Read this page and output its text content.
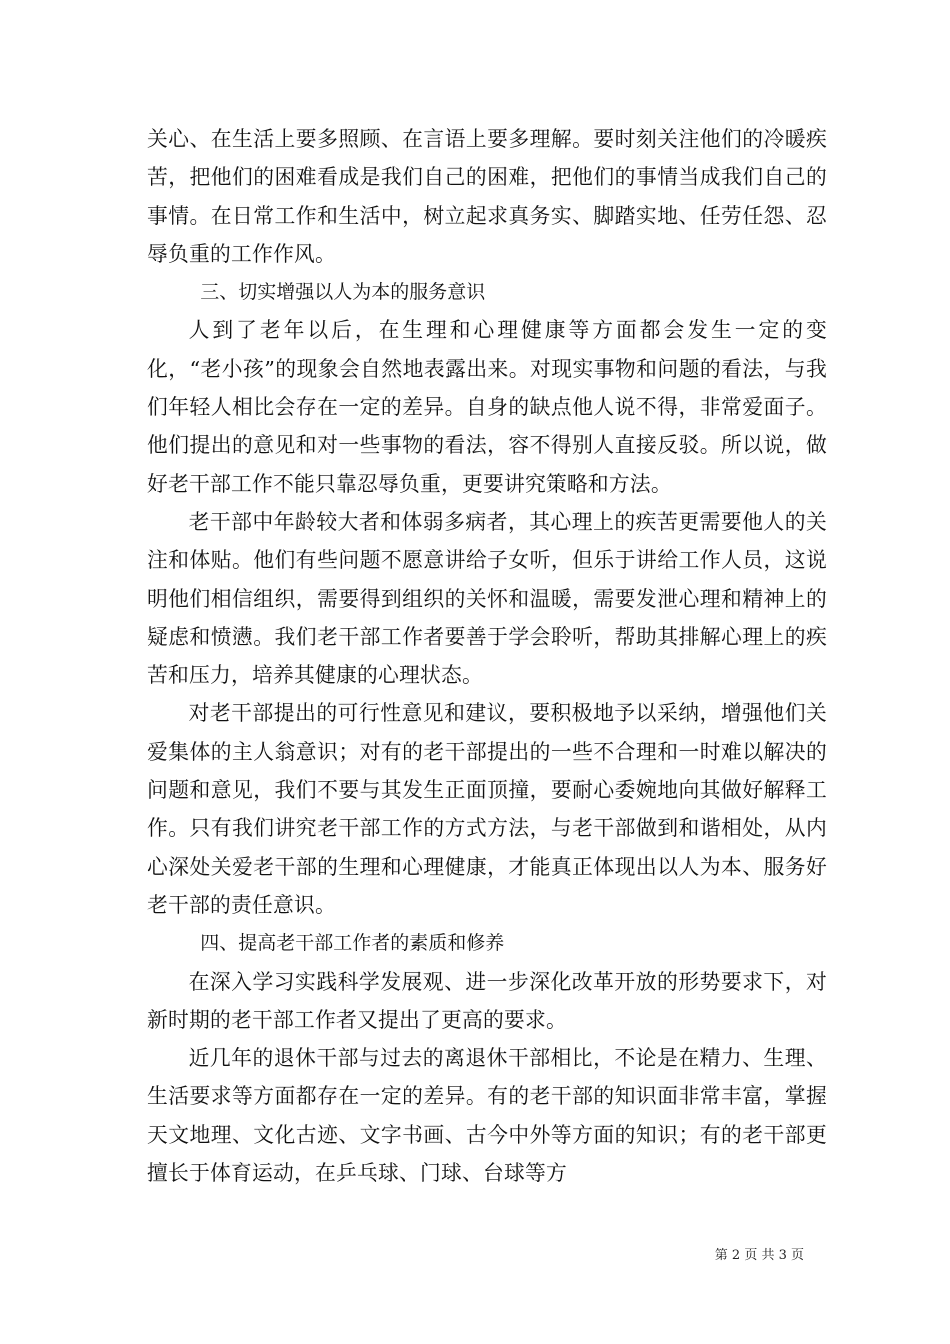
关心、在生活上要多照顾、在言语上要多理解。要时刻关注他们的冷暖疾苦，把他们的困难看成是我们自己的困难，把他们的事情当成我们自己的事情。在日常工作和生活中，树立起求真务实、脚踏实地、任劳任怨、忍辱负重的工作作风。

三、切实增强以人为本的服务意识

人到了老年以后，在生理和心理健康等方面都会发生一定的变化，“老小孩”的现象会自然地表露出来。对现实事物和问题的看法，与我们年轻人相比会存在一定的差异。自身的缺点他人说不得，非常爱面子。他们提出的意见和对一些事物的看法，容不得别人直接反驳。所以说，做好老干部工作不能只靠忍辱负重，更要讲究策略和方法。

老干部中年龄较大者和体弱多病者，其心理上的疾苦更需要他人的关注和体贴。他们有些问题不愿意讲给子女听，但乐于讲给工作人员，这说明他们相信组织，需要得到组织的关怀和温暖，需要发泄心理和精神上的疑虑和愤懑。我们老干部工作者要善于学会聆听，帮助其排解心理上的疾苦和压力，培养其健康的心理状态。

对老干部提出的可行性意见和建议，要积极地予以采纳，增强他们关爱集体的主人翁意识；对有的老干部提出的一些不合理和一时难以解决的问题和意见，我们不要与其发生正面顶撞，要耐心委婉地向其做好解释工作。只有我们讲究老干部工作的方式方法，与老干部做到和谐相处，从内心深处关爱老干部的生理和心理健康，才能真正体现出以人为本、服务好老干部的责任意识。

四、提高老干部工作者的素质和修养

在深入学习实践科学发展观、进一步深化改革开放的形势要求下，对新时期的老干部工作者又提出了更高的要求。

近几年的退休干部与过去的离退休干部相比，不论是在精力、生理、生活要求等方面都存在一定的差异。有的老干部的知识面非常丰富，掌握天文地理、文化古迹、文字书画、古今中外等方面的知识；有的老干部更擅长于体育运动，在乒乓球、门球、台球等方

第 2 页 共 3 页
